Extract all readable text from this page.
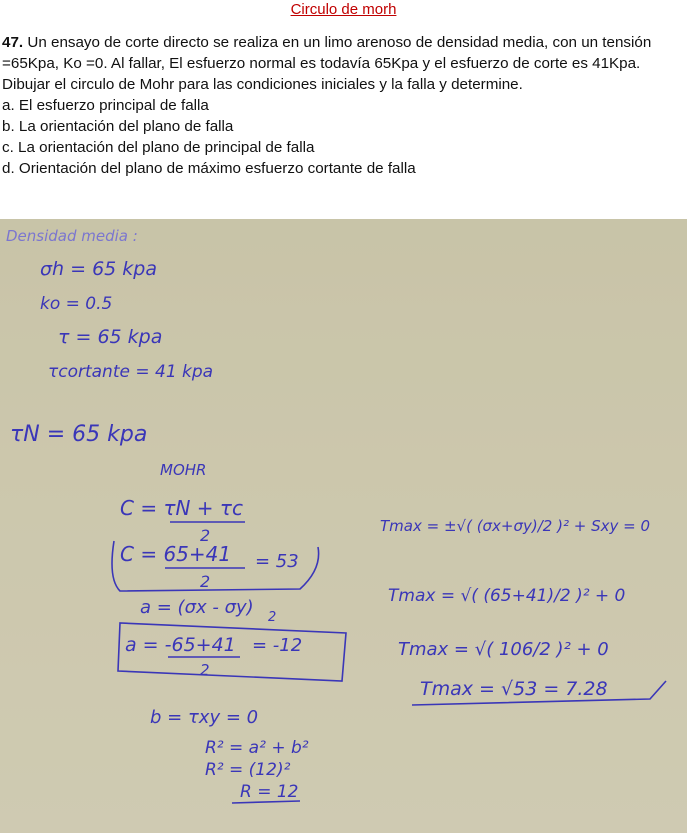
Circulo de morh

47. Un ensayo de corte directo se realiza en un limo arenoso de densidad media, con un tensión

=65Kpa, Ko =0. Al fallar, El esfuerzo normal es todavía 65Kpa y el esfuerzo de corte es 41Kpa.

Dibujar el circulo de Mohr para las condiciones iniciales y la falla y determine.

a. El esfuerzo principal de falla

b. La orientación del plano de falla

c. La orientación del plano de principal de falla

d. Orientación del plano de máximo esfuerzo cortante de falla

Densidad media :
σh = 65 kpa
ko = 0.5
τ = 65 kpa
τcortante = 41 kpa
τN = 65 kpa
MOHR
C = τN + τc
2
C = 65+41
2
= 53
a = (σx - σy) 2
a = -65+41
2
= -12
b = τxy = 0
R² = a² + b²
R² = (12)²
R = 12
Tmax = ±√( (σx+σy)/2 )² + Sxy = 0
Tmax = √( (65+41)/2 )² + 0
Tmax = √( 106/2 )² + 0
Tmax = √53 = 7.28
